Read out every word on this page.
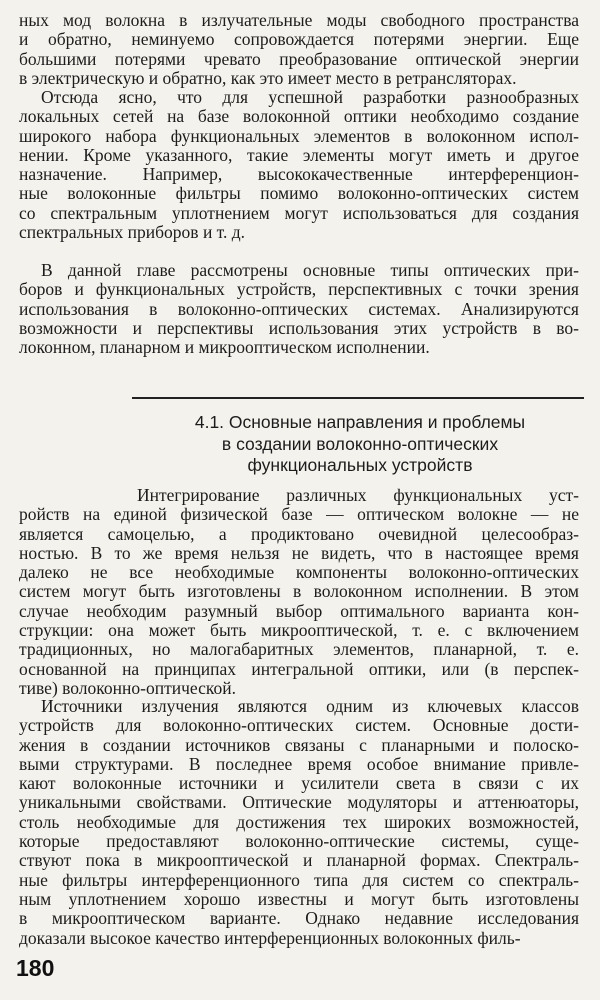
ных мод волокна в излучательные моды свободного пространства
и обратно, неминуемо сопровождается потерями энергии. Еще
большими потерями чревато преобразование оптической энергии
в электрическую и обратно, как это имеет место в ретрансляторах.

Отсюда ясно, что для успешной разработки разнообразных
локальных сетей на базе волоконной оптики необходимо создание
широкого набора функциональных элементов в волоконном испол-
нении. Кроме указанного, такие элементы могут иметь и другое
назначение. Например, высококачественные интерференцион-
ные волоконные фильтры помимо волоконно-оптических систем
со спектральным уплотнением могут использоваться для создания
спектральных приборов и т. д.

В данной главе рассмотрены основные типы оптических при-
боров и функциональных устройств, перспективных с точки зрения
использования в волоконно-оптических системах. Анализируются
возможности и перспективы использования этих устройств в во-
локонном, планарном и микрооптическом исполнении.

4.1. Основные направления и проблемы
в создании волоконно-оптических
функциональных устройств

Интегрирование различных функциональных уст-
ройств на единой физической базе — оптическом волокне — не
является самоцелью, а продиктовано очевидной целесообраз-
ностью. В то же время нельзя не видеть, что в настоящее время
далеко не все необходимые компоненты волоконно-оптических
систем могут быть изготовлены в волоконном исполнении. В этом
случае необходим разумный выбор оптимального варианта кон-
струкции: она может быть микрооптической, т. е. с включением
традиционных, но малогабаритных элементов, планарной, т. е.
основанной на принципах интегральной оптики, или (в перспек-
тиве) волоконно-оптической.

Источники излучения являются одним из ключевых классов
устройств для волоконно-оптических систем. Основные дости-
жения в создании источников связаны с планарными и полоско-
выми структурами. В последнее время особое внимание привле-
кают волоконные источники и усилители света в связи с их
уникальными свойствами. Оптические модуляторы и аттенюаторы,
столь необходимые для достижения тех широких возможностей,
которые предоставляют волоконно-оптические системы, суще-
ствуют пока в микрооптической и планарной формах. Спектраль-
ные фильтры интерференционного типа для систем со спектраль-
ным уплотнением хорошо известны и могут быть изготовлены
в микрооптическом варианте. Однако недавние исследования
доказали высокое качество интерференционных волоконных филь-

180
